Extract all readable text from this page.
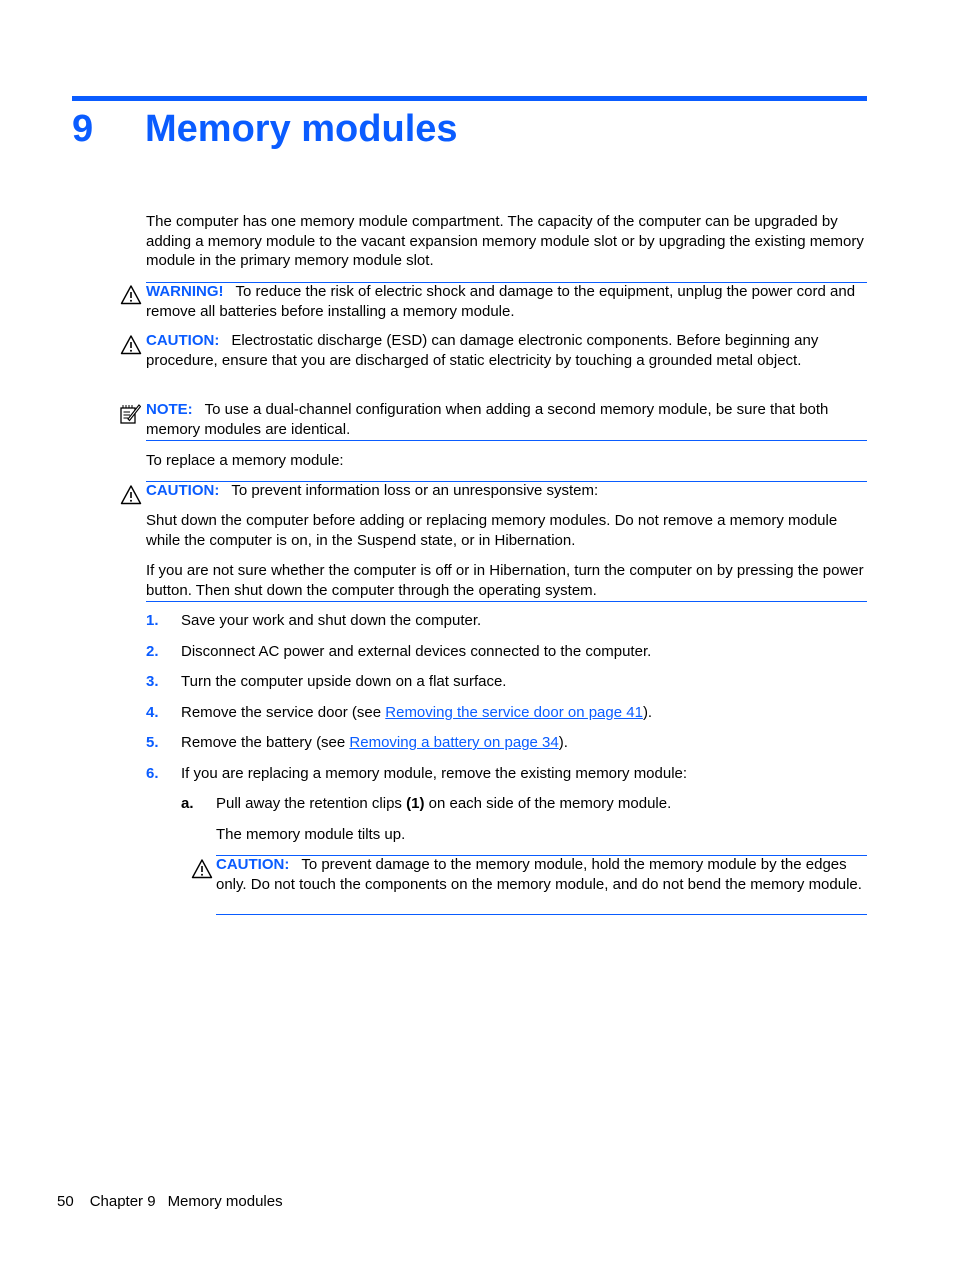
9 Memory modules
The computer has one memory module compartment. The capacity of the computer can be upgraded by adding a memory module to the vacant expansion memory module slot or by upgrading the existing memory module in the primary memory module slot.
WARNING! To reduce the risk of electric shock and damage to the equipment, unplug the power cord and remove all batteries before installing a memory module.
CAUTION: Electrostatic discharge (ESD) can damage electronic components. Before beginning any procedure, ensure that you are discharged of static electricity by touching a grounded metal object.
NOTE: To use a dual-channel configuration when adding a second memory module, be sure that both memory modules are identical.
To replace a memory module:
CAUTION: To prevent information loss or an unresponsive system:
Shut down the computer before adding or replacing memory modules. Do not remove a memory module while the computer is on, in the Suspend state, or in Hibernation.
If you are not sure whether the computer is off or in Hibernation, turn the computer on by pressing the power button. Then shut down the computer through the operating system.
1. Save your work and shut down the computer.
2. Disconnect AC power and external devices connected to the computer.
3. Turn the computer upside down on a flat surface.
4. Remove the service door (see Removing the service door on page 41).
5. Remove the battery (see Removing a battery on page 34).
6. If you are replacing a memory module, remove the existing memory module:
a. Pull away the retention clips (1) on each side of the memory module.
The memory module tilts up.
CAUTION: To prevent damage to the memory module, hold the memory module by the edges only. Do not touch the components on the memory module, and do not bend the memory module.
50 Chapter 9 Memory modules
